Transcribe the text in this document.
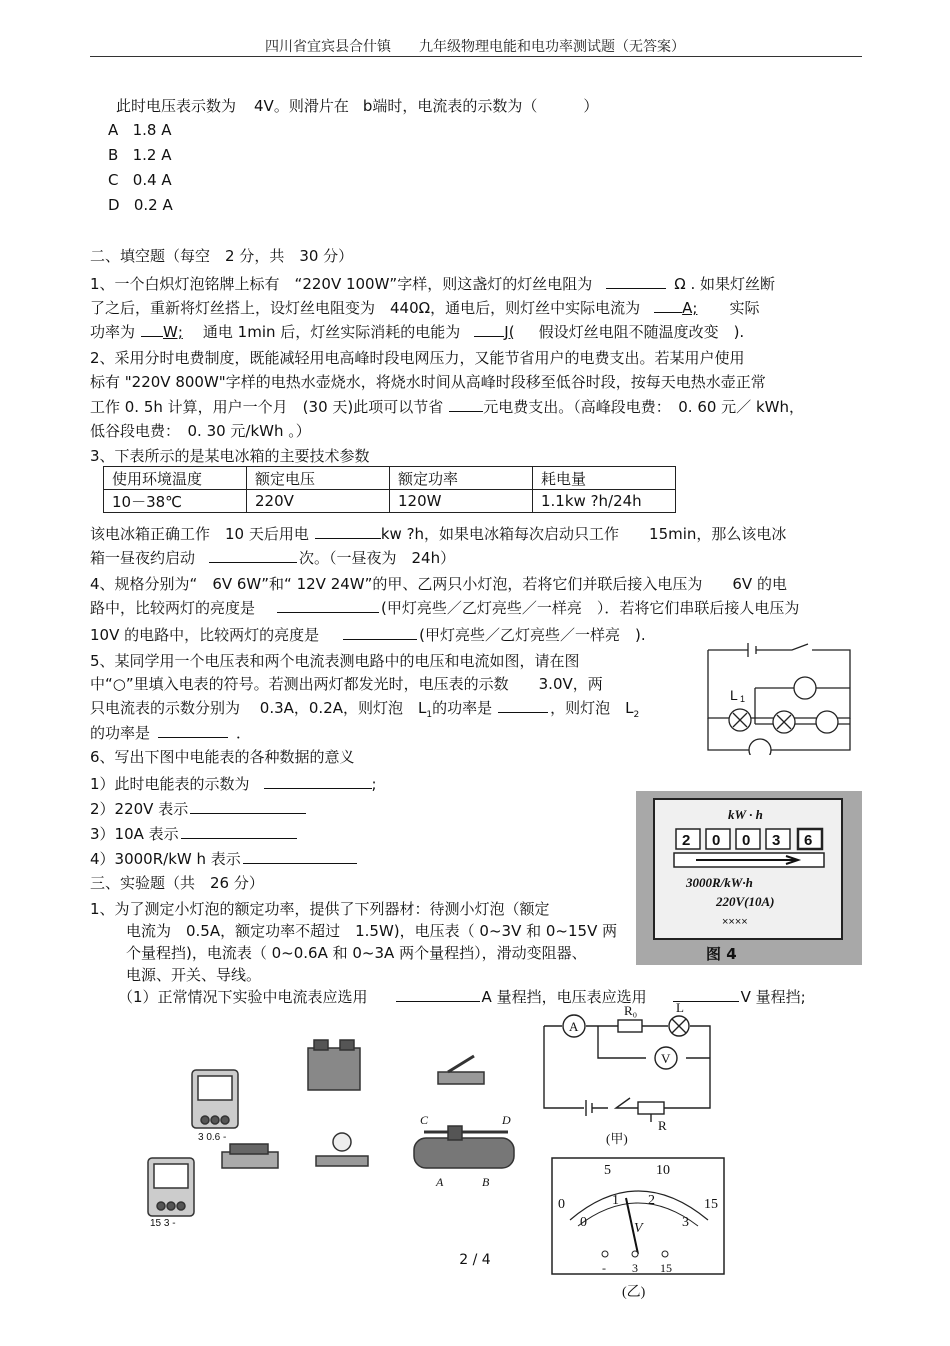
四川省宜宾县合什镇　　九年级物理电能和电功率测试题（无答案）
此时电压表示数为 4V。则滑片在 b端时，电流表的示数为（	）
A 1.8 A
B 1.2 A
C 0.4 A
D 0.2 A
二、填空题（每空　2 分，共　30 分）
1、一个白炽灯泡铭牌上标有　“220V 100W”字样，则这盏灯的灯丝电阻为	Ω . 如果灯丝断
了之后，重新将灯丝搭上，设灯丝电阻变为　440Ω，通电后，则灯丝中实际电流为	A; 实际
功率为 W; 通电 1min 后，灯丝实际消耗的电能为	J( 假设灯丝电阻不随温度改变　).
2、采用分时电费制度，既能减轻用电高峰时段电网压力，又能节省用户的电费支出。若某用户使用
标有 "220V 800W"字样的电热水壶烧水，将烧水时间从高峰时段移至低谷时段，按每天电热水壶正常
工作 0. 5h 计算，用户一个月　(30 天)此项可以节省	元电费支出。（高峰段电费：　0. 60 元／ kWh，
低谷段电费：　0. 30 元/kWh 。）
3、下表所示的是某电冰箱的主要技术参数
使用环境温度	额定电压	额定功率	耗电量
10－38℃	220V	120W	1.1kw ?h/24h
该电冰箱正确工作　10 天后用电	kw ?h，如果电冰箱每次启动只工作　　15min，那么该电冰
箱一昼夜约启动	次。（一昼夜为　24h）
4、规格分别为“　6V 6W”和“ 12V 24W”的甲、乙两只小灯泡，若将它们并联后接入电压为　　6V 的电
路中，比较两灯的亮度是	(甲灯亮些／乙灯亮些／一样亮　）．若将它们串联后接人电压为
10V 的电路中，比较两灯的亮度是	(甲灯亮些／乙灯亮些／一样亮　).
5、某同学用一个电压表和两个电流表测电路中的电压和电流如图，请在图
中“○”里填入电表的符号。若测出两灯都发光时，电压表的示数　　3.0V，两
只电流表的示数分别为　 0.3A，0.2A，则灯泡　$L_1$的功率是	，则灯泡　$L_2$
的功率是	．
L 1
6、写出下图中电能表的各种数据的意义
1）此时电能表的示数为	;
2）220V 表示
3）10A 表示
4）3000R/kW h 表示
kW · h
2 0 0 3 6
3000R/kW·h
220V(10A)
××××
图 4
三、实验题（共　26 分）
1、为了测定小灯泡的额定功率，提供了下列器材：待测小灯泡（额定
电流为　0.5A，额定功率不超过　1.5W)，电压表（ 0~3V 和 0~15V 两
个量程挡)，电流表（ 0~0.6A 和 0~3A 两个量程挡），滑动变阻器、
电源、开关、导线。
（1）正常情况下实验中电流表应选用	A 量程挡，电压表应选用	V 量程挡;
3 0.6 -
15 3 -
C	D
A	B
A
R₀	L
V
R
(甲)
5	10
15
0	1 2
3
0	V
- 3 15
(乙)
2 / 4
